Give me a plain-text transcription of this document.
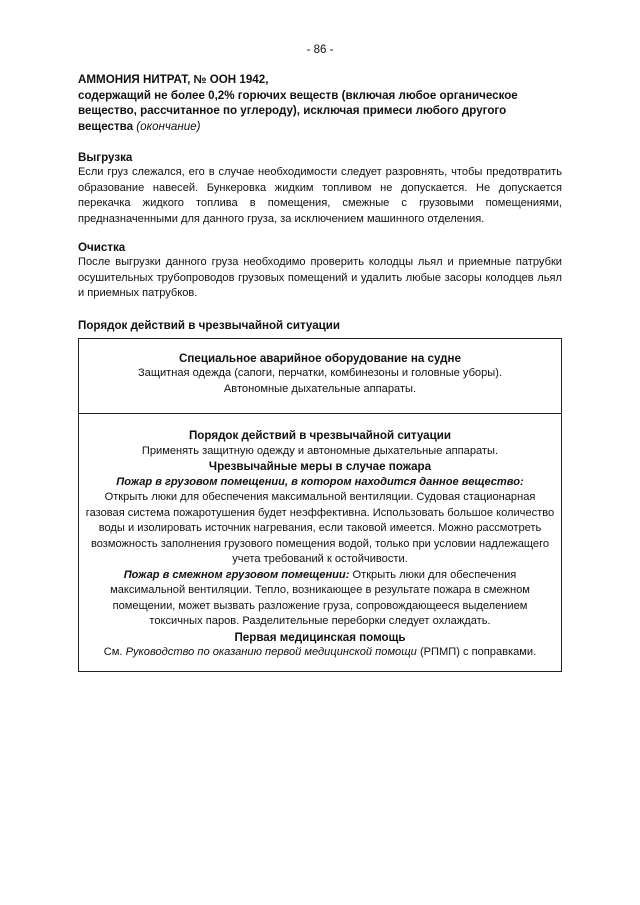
- 86 -
АММОНИЯ НИТРАТ, № ООН 1942,
содержащий не более 0,2% горючих веществ (включая любое органическое вещество, рассчитанное по углероду), исключая примеси любого другого вещества (окончание)
Выгрузка

Если груз слежался, его в случае необходимости следует разровнять, чтобы предотвратить образование навесей. Бункеровка жидким топливом не допускается. Не допускается перекачка жидкого топлива в помещения, смежные с грузовыми помещениями, предназначенными для данного груза, за исключением машинного отделения.

Очистка

После выгрузки данного груза необходимо проверить колодцы льял и приемные патрубки осушительных трубопроводов грузовых помещений и удалить любые засоры колодцев льял и приемных патрубков.

Порядок действий в чрезвычайной ситуации
Специальное аварийное оборудование на судне

Защитная одежда (сапоги, перчатки, комбинезоны и головные уборы).

Автономные дыхательные аппараты.

Порядок действий в чрезвычайной ситуации

Применять защитную одежду и автономные дыхательные аппараты.

Чрезвычайные меры в случае пожара

Пожар в грузовом помещении, в котором находится данное вещество:

Открыть люки для обеспечения максимальной вентиляции. Судовая стационарная газовая система пожаротушения будет неэффективна. Использовать большое количество воды и изолировать источник нагревания, если таковой имеется. Можно рассмотреть возможность заполнения грузового помещения водой, только при условии надлежащего учета требований к остойчивости.

Пожар в смежном грузовом помещении: Открыть люки для обеспечения максимальной вентиляции. Тепло, возникающее в результате пожара в смежном помещении, может вызвать разложение груза, сопровождающееся выделением токсичных паров. Разделительные переборки следует охлаждать.

Первая медицинская помощь

См. Руководство по оказанию первой медицинской помощи (РПМП) с поправками.
